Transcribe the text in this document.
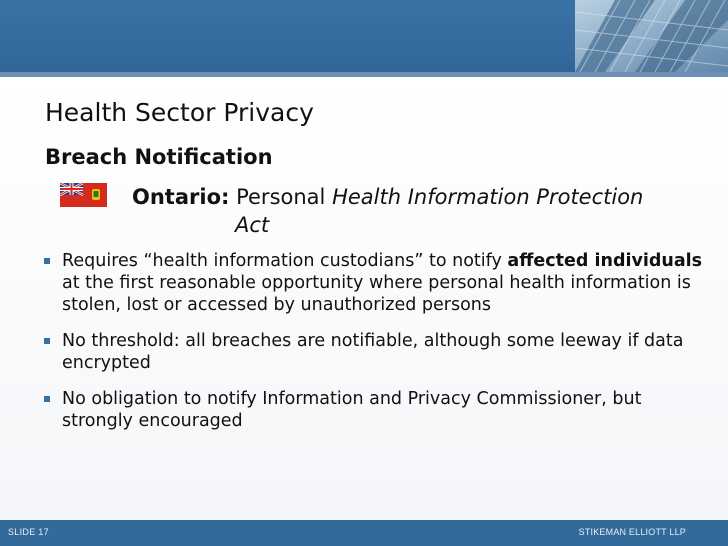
Health Sector Privacy
Breach Notification
Ontario: Personal Health Information Protection
Act
Requires “health information custodians” to notify affected individuals at the first reasonable opportunity where personal health information is stolen, lost or accessed by unauthorized persons
No threshold: all breaches are notifiable, although some leeway if data encrypted
No obligation to notify Information and Privacy Commissioner, but strongly encouraged
SLIDE 17	STIKEMAN ELLIOTT LLP
